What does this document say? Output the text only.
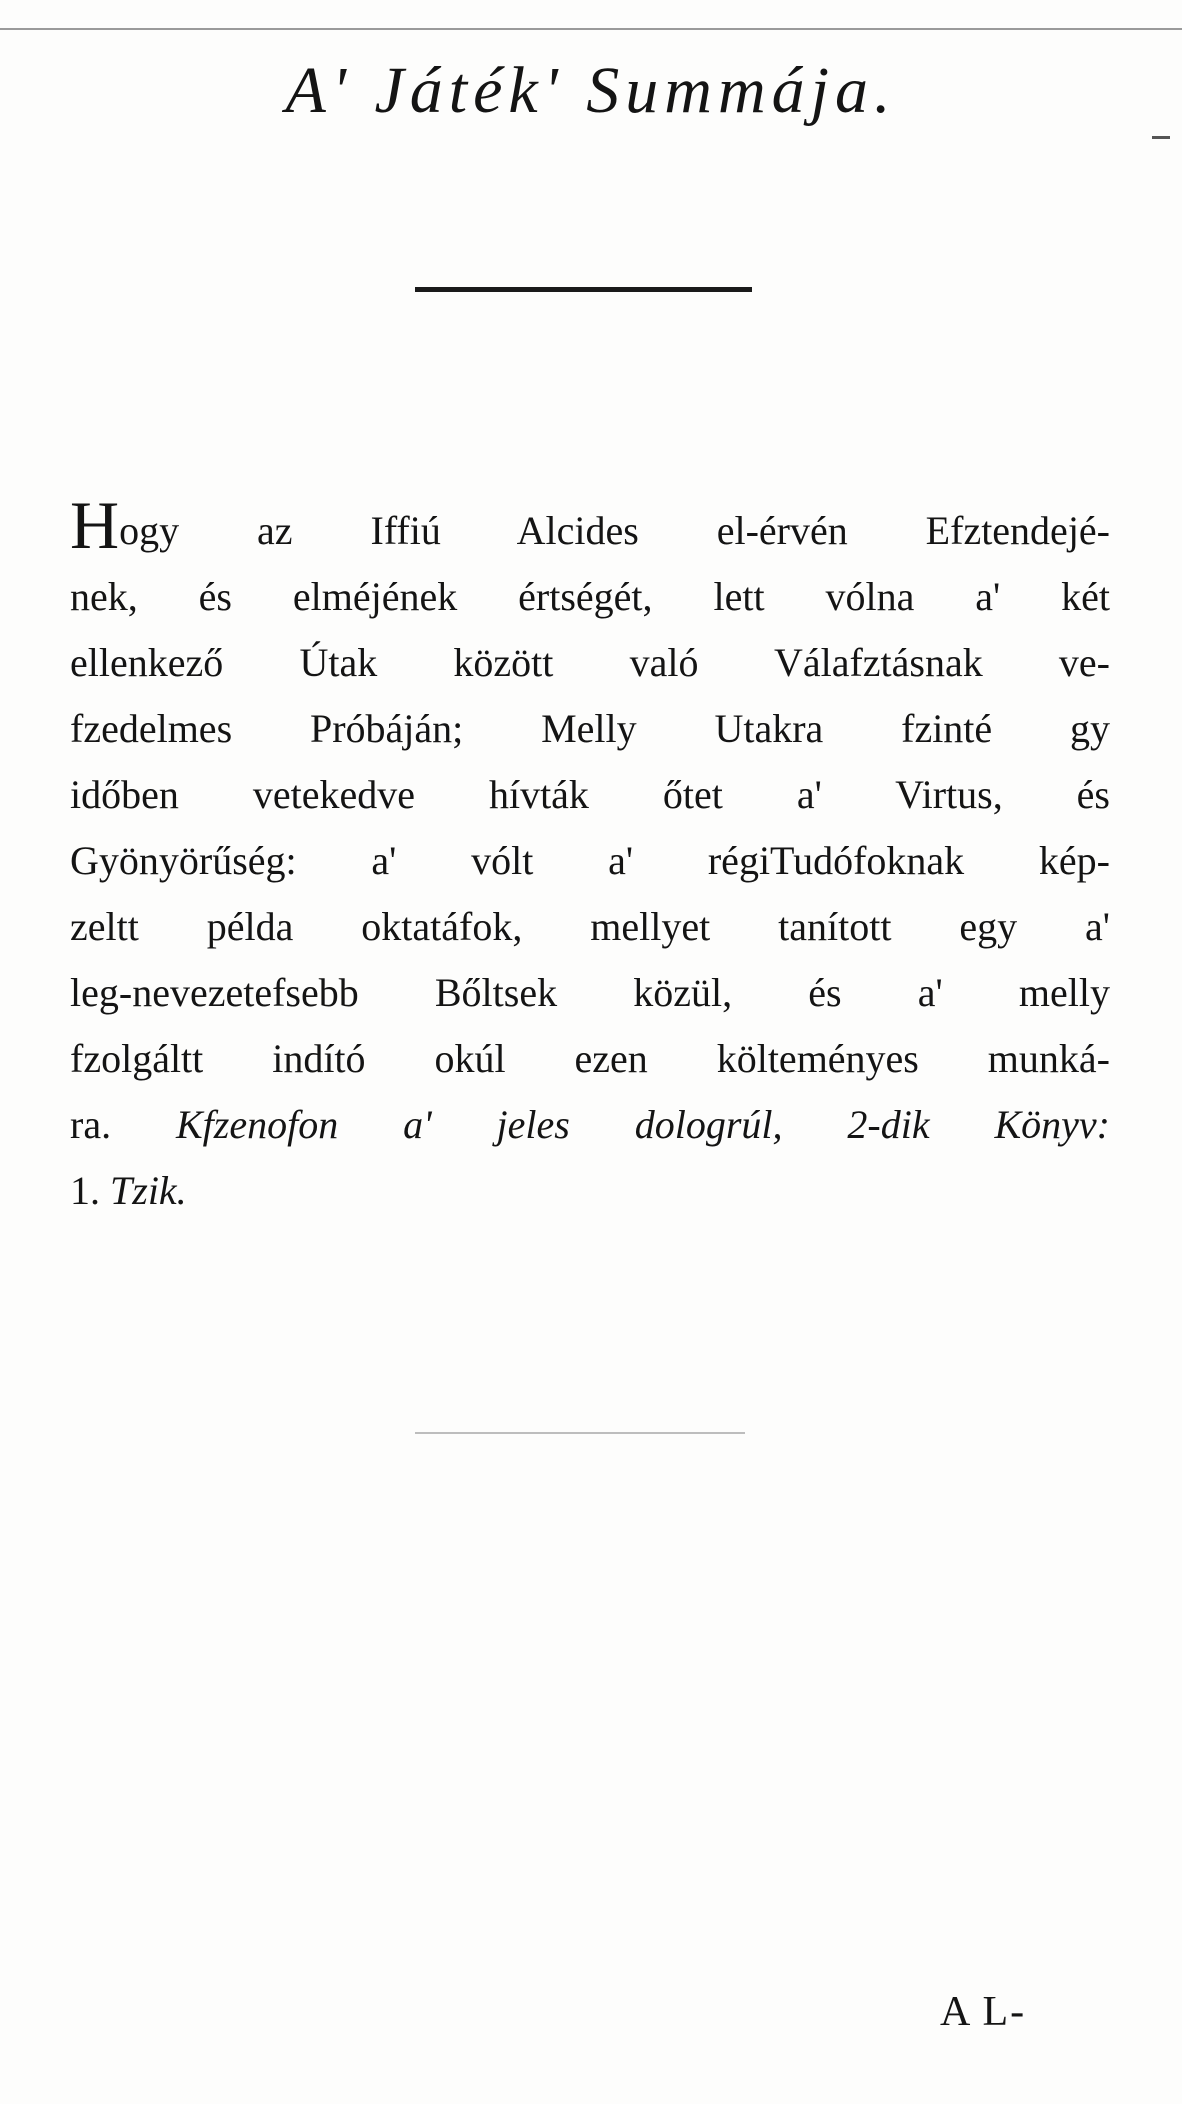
A' Játék' Summája.
Hogy az Iffiú Alcides el-érvén Efztendejé-
nek, és elméjének értségét, lett vólna a' két
ellenkező Útak között való Válafztásnak ve-
fzedelmes Próbáján; Melly Utakra fzinté gy
időben vetekedve hívták őtet a' Virtus, és
Gyönyörűség: a' vólt a' régiTudófoknak kép-
zeltt példa oktatáfok, mellyet tanított egy a'
leg-nevezetefsebb Bőltsek közül, és a' melly
fzolgáltt indító okúl ezen költeményes munká-
ra. Kfzenofon a' jeles dologrúl, 2-dik Könyv:
1. Tzik.
A L-
